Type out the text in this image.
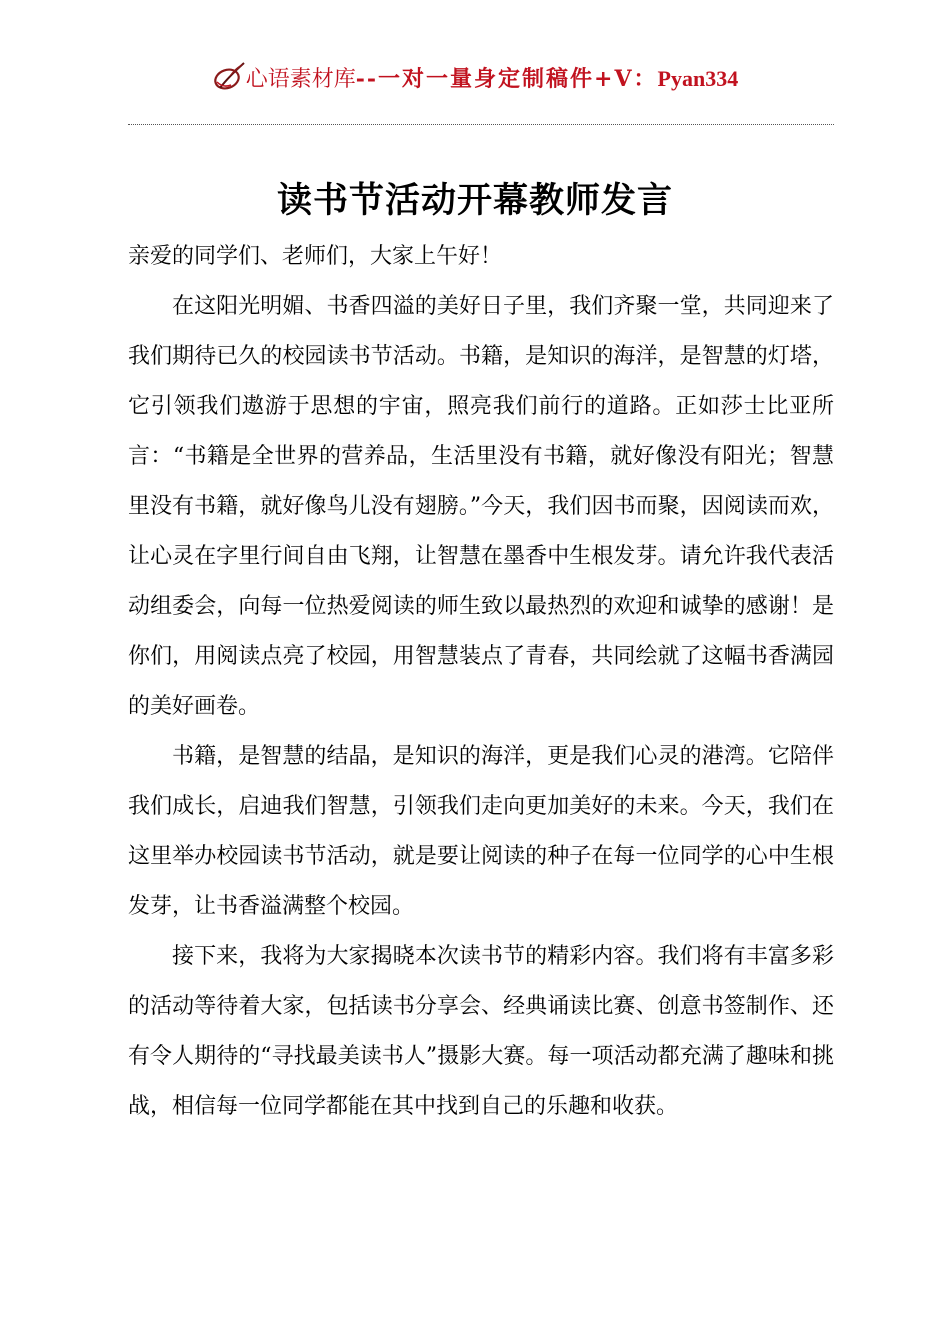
心语素材库--一对一量身定制稿件+V：Pyan334
读书节活动开幕教师发言

亲爱的同学们、老师们，大家上午好！

在这阳光明媚、书香四溢的美好日子里，我们齐聚一堂，共同迎来了我们期待已久的校园读书节活动。书籍，是知识的海洋，是智慧的灯塔，它引领我们遨游于思想的宇宙，照亮我们前行的道路。正如莎士比亚所言：“书籍是全世界的营养品，生活里没有书籍，就好像没有阳光；智慧里没有书籍，就好像鸟儿没有翅膀。”今天，我们因书而聚，因阅读而欢，让心灵在字里行间自由飞翔，让智慧在墨香中生根发芽。请允许我代表活动组委会，向每一位热爱阅读的师生致以最热烈的欢迎和诚挚的感谢！是你们，用阅读点亮了校园，用智慧装点了青春，共同绘就了这幅书香满园的美好画卷。

书籍，是智慧的结晶，是知识的海洋，更是我们心灵的港湾。它陪伴我们成长，启迪我们智慧，引领我们走向更加美好的未来。今天，我们在这里举办校园读书节活动，就是要让阅读的种子在每一位同学的心中生根发芽，让书香溢满整个校园。

接下来，我将为大家揭晓本次读书节的精彩内容。我们将有丰富多彩的活动等待着大家，包括读书分享会、经典诵读比赛、创意书签制作、还有令人期待的“寻找最美读书人”摄影大赛。每一项活动都充满了趣味和挑战，相信每一位同学都能在其中找到自己的乐趣和收获。
